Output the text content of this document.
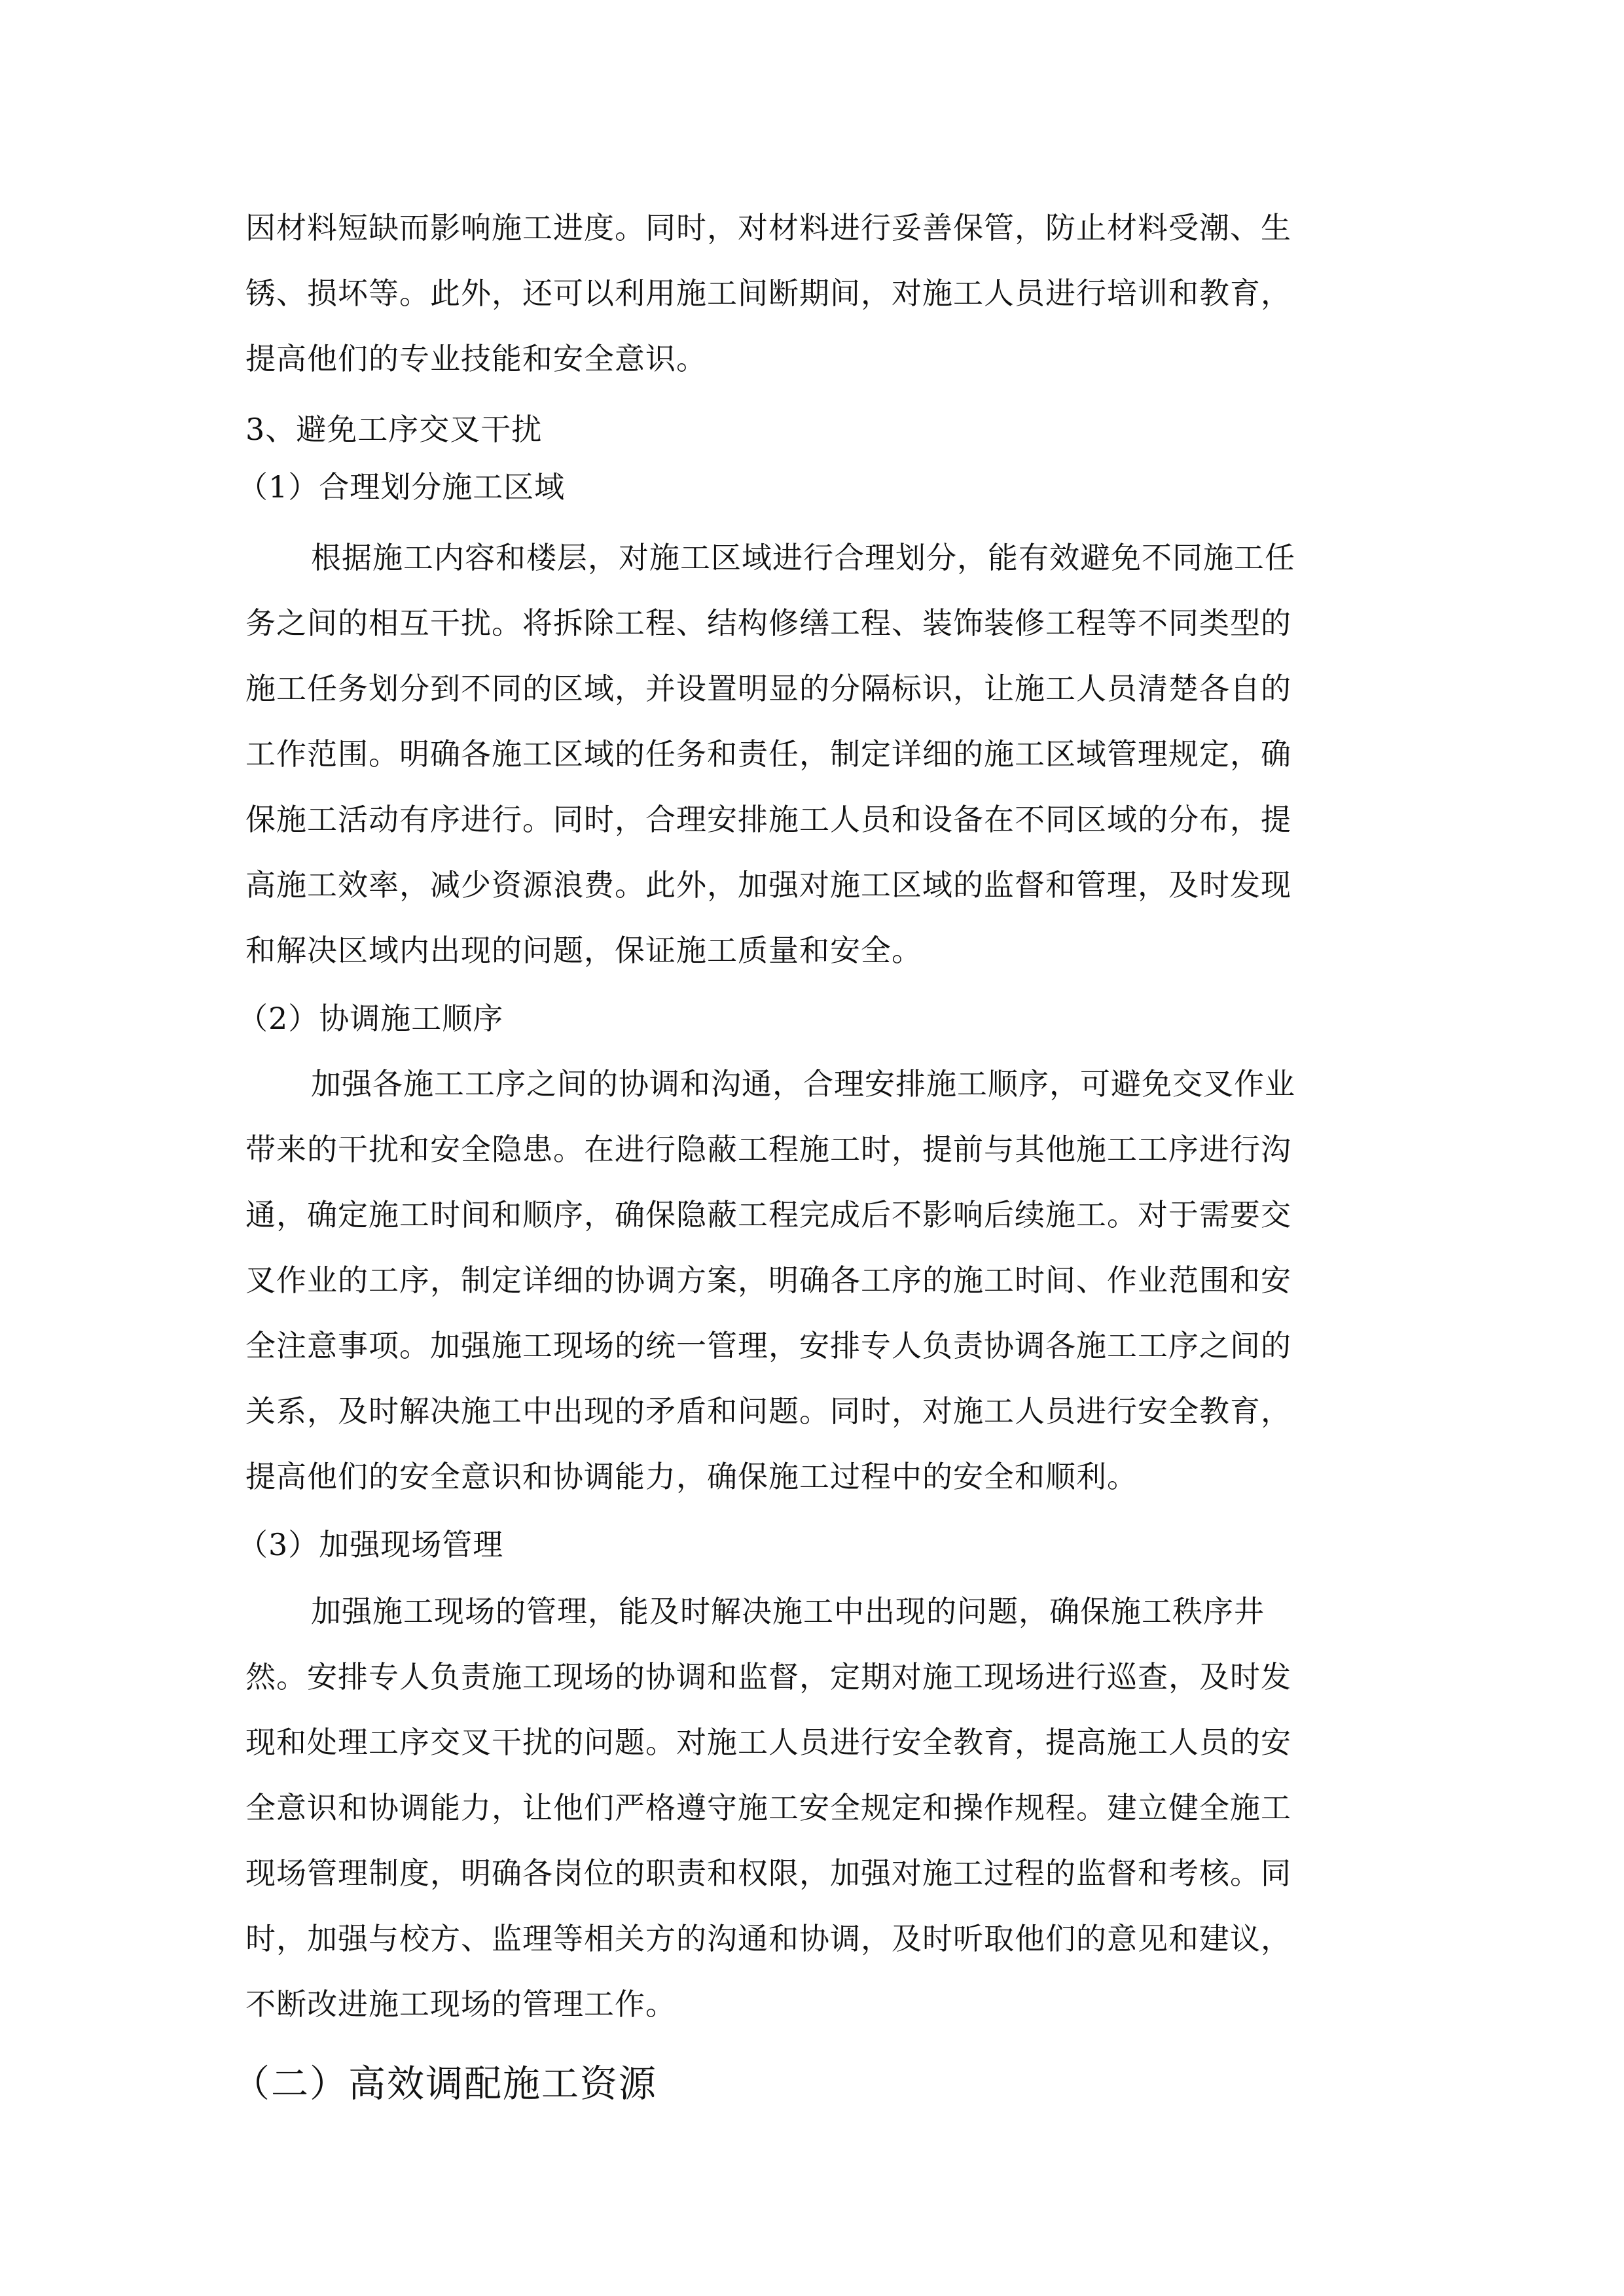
因材料短缺而影响施工进度。同时，对材料进行妥善保管，防止材料受潮、生
锈、损坏等。此外，还可以利用施工间断期间，对施工人员进行培训和教育，
提高他们的专业技能和安全意识。
3、避免工序交叉干扰
（1）合理划分施工区域
根据施工内容和楼层，对施工区域进行合理划分，能有效避免不同施工任
务之间的相互干扰。将拆除工程、结构修缮工程、装饰装修工程等不同类型的
施工任务划分到不同的区域，并设置明显的分隔标识，让施工人员清楚各自的
工作范围。明确各施工区域的任务和责任，制定详细的施工区域管理规定，确
保施工活动有序进行。同时，合理安排施工人员和设备在不同区域的分布，提
高施工效率，减少资源浪费。此外，加强对施工区域的监督和管理，及时发现
和解决区域内出现的问题，保证施工质量和安全。
（2）协调施工顺序
加强各施工工序之间的协调和沟通，合理安排施工顺序，可避免交叉作业
带来的干扰和安全隐患。在进行隐蔽工程施工时，提前与其他施工工序进行沟
通，确定施工时间和顺序，确保隐蔽工程完成后不影响后续施工。对于需要交
叉作业的工序，制定详细的协调方案，明确各工序的施工时间、作业范围和安
全注意事项。加强施工现场的统一管理，安排专人负责协调各施工工序之间的
关系，及时解决施工中出现的矛盾和问题。同时，对施工人员进行安全教育，
提高他们的安全意识和协调能力，确保施工过程中的安全和顺利。
（3）加强现场管理
加强施工现场的管理，能及时解决施工中出现的问题，确保施工秩序井
然。安排专人负责施工现场的协调和监督，定期对施工现场进行巡查，及时发
现和处理工序交叉干扰的问题。对施工人员进行安全教育，提高施工人员的安
全意识和协调能力，让他们严格遵守施工安全规定和操作规程。建立健全施工
现场管理制度，明确各岗位的职责和权限，加强对施工过程的监督和考核。同
时，加强与校方、监理等相关方的沟通和协调，及时听取他们的意见和建议，
不断改进施工现场的管理工作。
（二）高效调配施工资源
